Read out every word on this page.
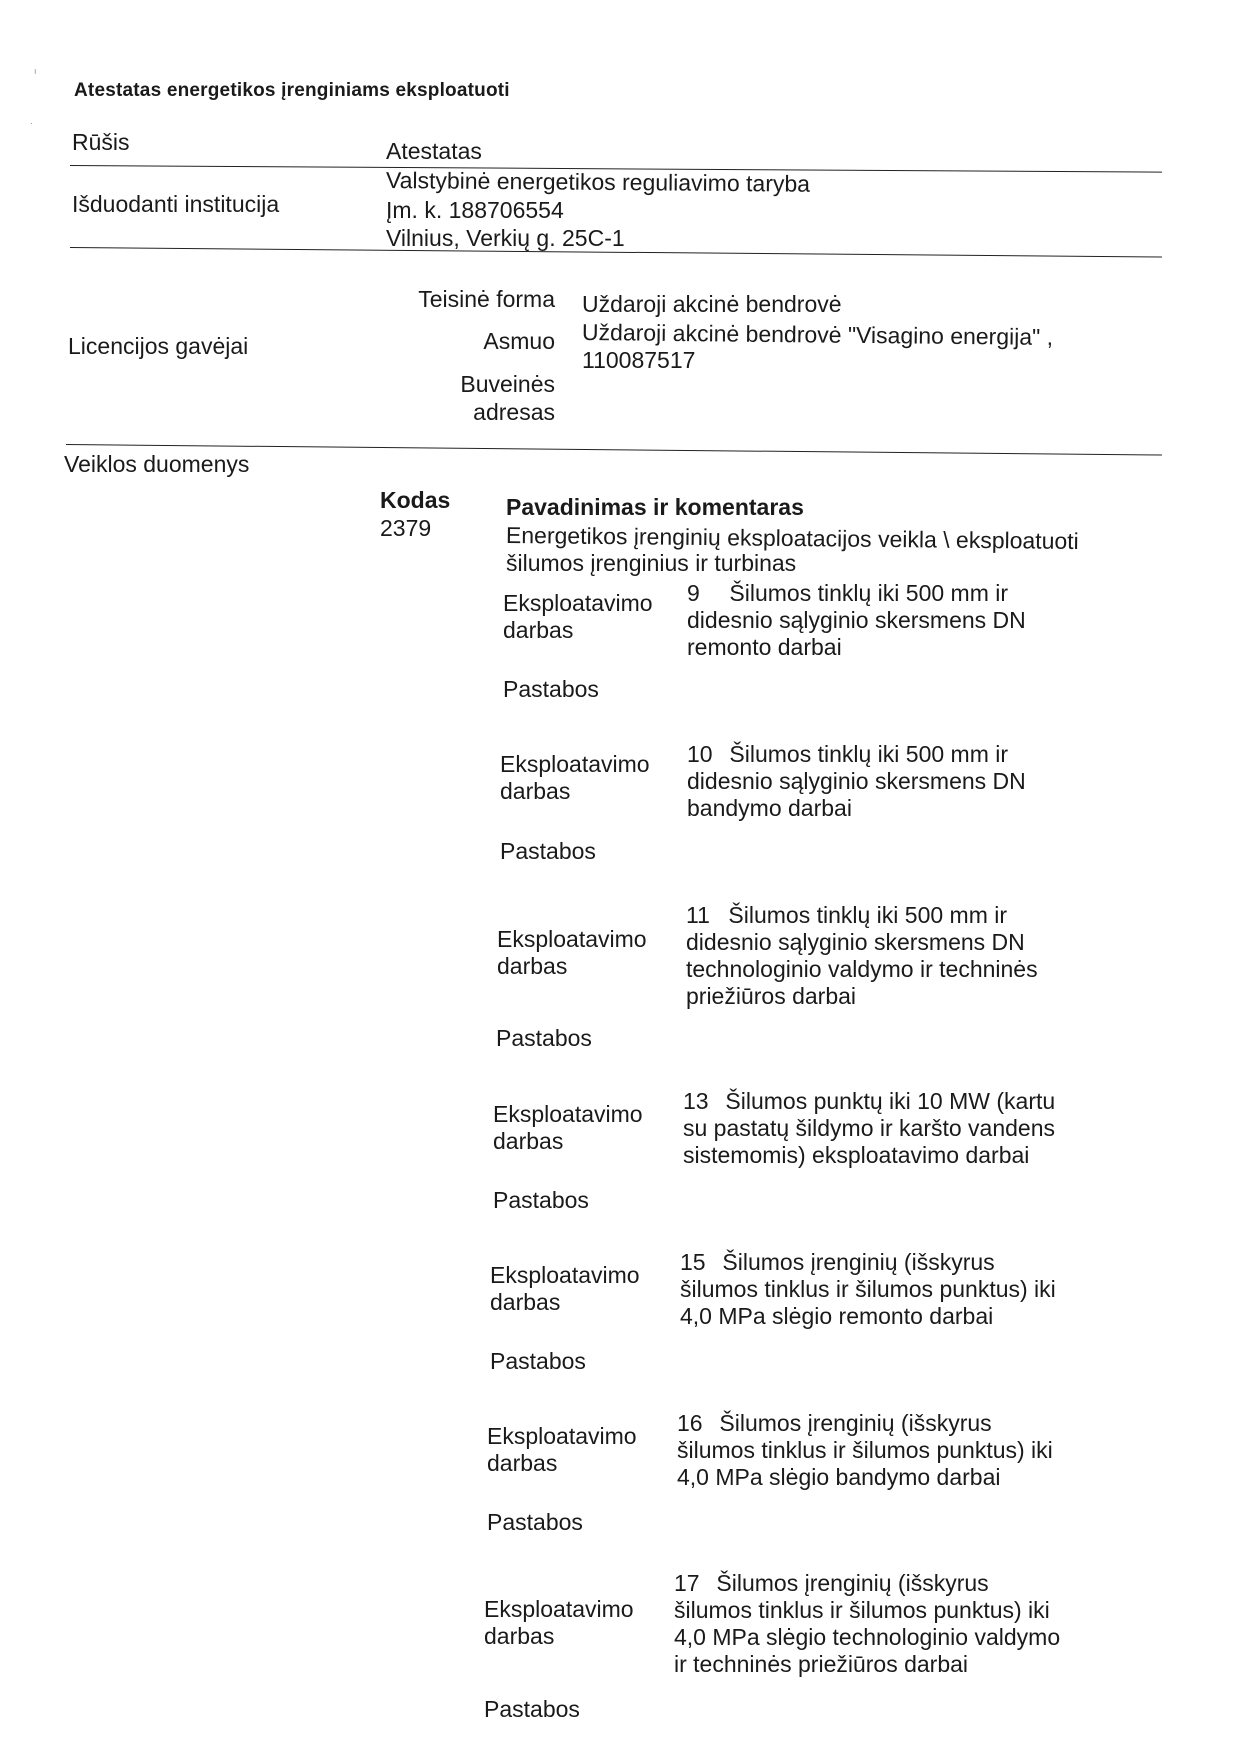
ı
·
Atestatas energetikos įrenginiams eksploatuoti
Rūšis	Atestatas
Išduodanti institucija
Valstybinė energetikos reguliavimo taryba
Įm. k. 188706554
Vilnius, Verkių g. 25C-1
Licencijos gavėjai
Teisinė forma Uždaroji akcinė bendrovė
Asmuo Uždaroji akcinė bendrovė "Visagino energija" ,
110087517
Buveinės
adresas
Veiklos duomenys
Kodas Pavadinimas ir komentaras
2379	Energetikos įrenginių eksploatacijos veikla \ eksploatuoti
šilumos įrenginius ir turbinas
Eksploatavimo
darbas
9 Šilumos tinklų iki 500 mm ir
didesnio sąlyginio skersmens DN
remonto darbai
Pastabos
Eksploatavimo
darbas
10 Šilumos tinklų iki 500 mm ir
didesnio sąlyginio skersmens DN
bandymo darbai
Pastabos
Eksploatavimo
darbas
11 Šilumos tinklų iki 500 mm ir
didesnio sąlyginio skersmens DN
technologinio valdymo ir techninės
priežiūros darbai
Pastabos
Eksploatavimo
darbas
13 Šilumos punktų iki 10 MW (kartu
su pastatų šildymo ir karšto vandens
sistemomis) eksploatavimo darbai
Pastabos
Eksploatavimo
darbas
15 Šilumos įrenginių (išskyrus
šilumos tinklus ir šilumos punktus) iki
4,0 MPa slėgio remonto darbai
Pastabos
Eksploatavimo
darbas
16 Šilumos įrenginių (išskyrus
šilumos tinklus ir šilumos punktus) iki
4,0 MPa slėgio bandymo darbai
Pastabos
Eksploatavimo
darbas
17 Šilumos įrenginių (išskyrus
šilumos tinklus ir šilumos punktus) iki
4,0 MPa slėgio technologinio valdymo
ir techninės priežiūros darbai
Pastabos
